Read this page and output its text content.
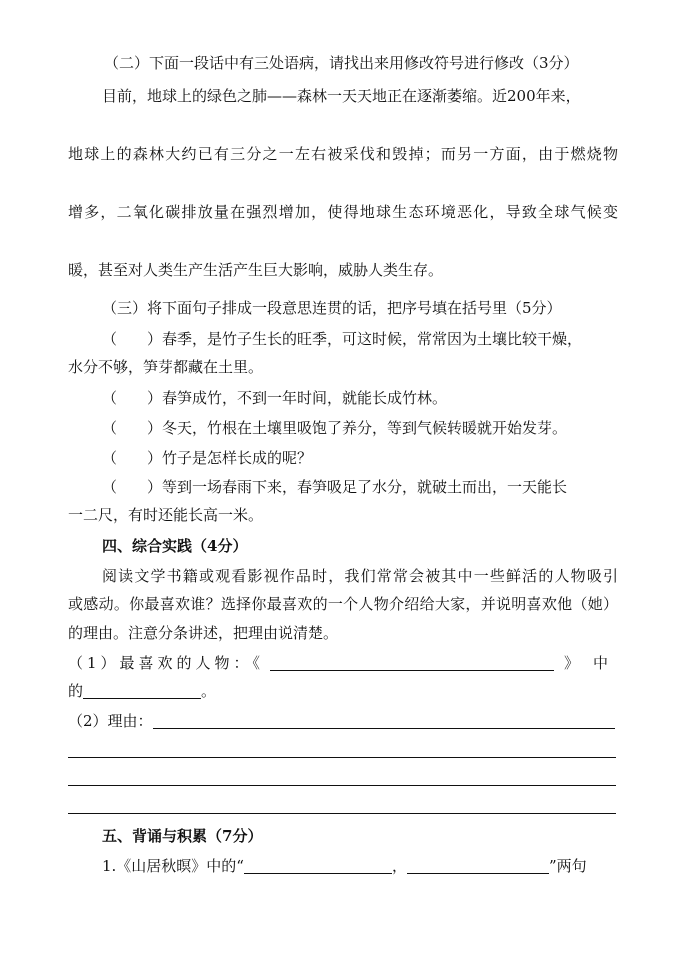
（二）下面一段话中有三处语病，请找出来用修改符号进行修改（3分）
目前，地球上的绿色之肺——森林一天天地正在逐渐萎缩。近200年来，
地球上的森林大约已有三分之一左右被采伐和毁掉；而另一方面，由于燃烧物
增多，二氧化碳排放量在强烈增加，使得地球生态环境恶化，导致全球气候变
暖，甚至对人类生产生活产生巨大影响，威胁人类生存。
（三）将下面句子排成一段意思连贯的话，把序号填在括号里（5分）
（ ）春季，是竹子生长的旺季，可这时候，常常因为土壤比较干燥，
水分不够，笋芽都藏在土里。
（ ）春笋成竹，不到一年时间，就能长成竹林。
（ ）冬天，竹根在土壤里吸饱了养分，等到气候转暖就开始发芽。
（ ）竹子是怎样长成的呢？
（ ）等到一场春雨下来，春笋吸足了水分，就破土而出，一天能长
一二尺，有时还能长高一米。
四、综合实践（4分）
阅读文学书籍或观看影视作品时，我们常常会被其中一些鲜活的人物吸引
或感动。你最喜欢谁？选择你最喜欢的一个人物介绍给大家，并说明喜欢他（她）
的理由。注意分条讲述，把理由说清楚。
（1）最喜欢的人物：《	》中
的	。
（2）理由：
五、背诵与积累（7分）
1.《山居秋暝》中的“	，	”两句
